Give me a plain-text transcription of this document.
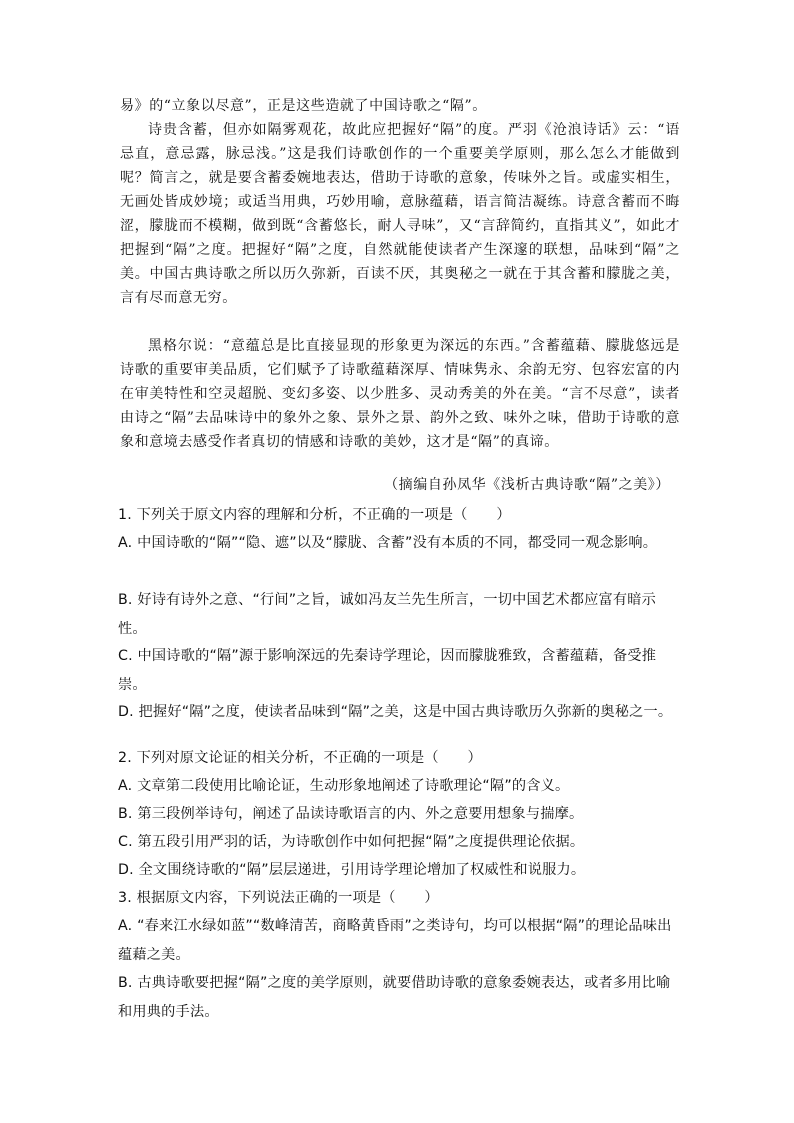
易》的“立象以尽意”，正是这些造就了中国诗歌之“隔”。

诗贵含蓄，但亦如隔雾观花，故此应把握好“隔”的度。严羽《沧浪诗话》云：“语忌直，意忌露，脉忌浅。”这是我们诗歌创作的一个重要美学原则，那么怎么才能做到呢？简言之，就是要含蓄委婉地表达，借助于诗歌的意象，传味外之旨。或虚实相生，无画处皆成妙境；或适当用典，巧妙用喻，意脉蕴藉，语言简洁凝练。诗意含蓄而不晦涩，朦胧而不模糊，做到既“含蓄悠长，耐人寻味”，又“言辞简约，直指其义”，如此才把握到“隔”之度。把握好“隔”之度，自然就能使读者产生深邃的联想，品味到“隔”之美。中国古典诗歌之所以历久弥新，百读不厌，其奥秘之一就在于其含蓄和朦胧之美，言有尽而意无穷。

黑格尔说：“意蕴总是比直接显现的形象更为深远的东西。”含蓄蕴藉、朦胧悠远是诗歌的重要审美品质，它们赋予了诗歌蕴藉深厚、情味隽永、余韵无穷、包容宏富的内在审美特性和空灵超脱、变幻多姿、以少胜多、灵动秀美的外在美。“言不尽意”，读者由诗之“隔”去品味诗中的象外之象、景外之景、韵外之致、味外之味，借助于诗歌的意象和意境去感受作者真切的情感和诗歌的美妙，这才是“隔”的真谛。

（摘编自孙凤华《浅析古典诗歌“隔”之美》）

1. 下列关于原文内容的理解和分析，不正确的一项是（　　）

A. 中国诗歌的“隔”“隐、遮”以及“朦胧、含蓄”没有本质的不同，都受同一观念影响。

B. 好诗有诗外之意、“行间”之旨，诚如冯友兰先生所言，一切中国艺术都应富有暗示性。

C. 中国诗歌的“隔”源于影响深远的先秦诗学理论，因而朦胧雅致，含蓄蕴藉，备受推崇。

D. 把握好“隔”之度，使读者品味到“隔”之美，这是中国古典诗歌历久弥新的奥秘之一。

2. 下列对原文论证的相关分析，不正确的一项是（　　）

A. 文章第二段使用比喻论证，生动形象地阐述了诗歌理论“隔”的含义。

B. 第三段例举诗句，阐述了品读诗歌语言的内、外之意要用想象与揣摩。

C. 第五段引用严羽的话，为诗歌创作中如何把握“隔”之度提供理论依据。

D. 全文围绕诗歌的“隔”层层递进，引用诗学理论增加了权威性和说服力。

3. 根据原文内容，下列说法正确的一项是（　　）

A. “春来江水绿如蓝”“数峰清苦，商略黄昏雨”之类诗句，均可以根据“隔”的理论品味出蕴藉之美。

B. 古典诗歌要把握“隔”之度的美学原则，就要借助诗歌的意象委婉表达，或者多用比喻和用典的手法。
